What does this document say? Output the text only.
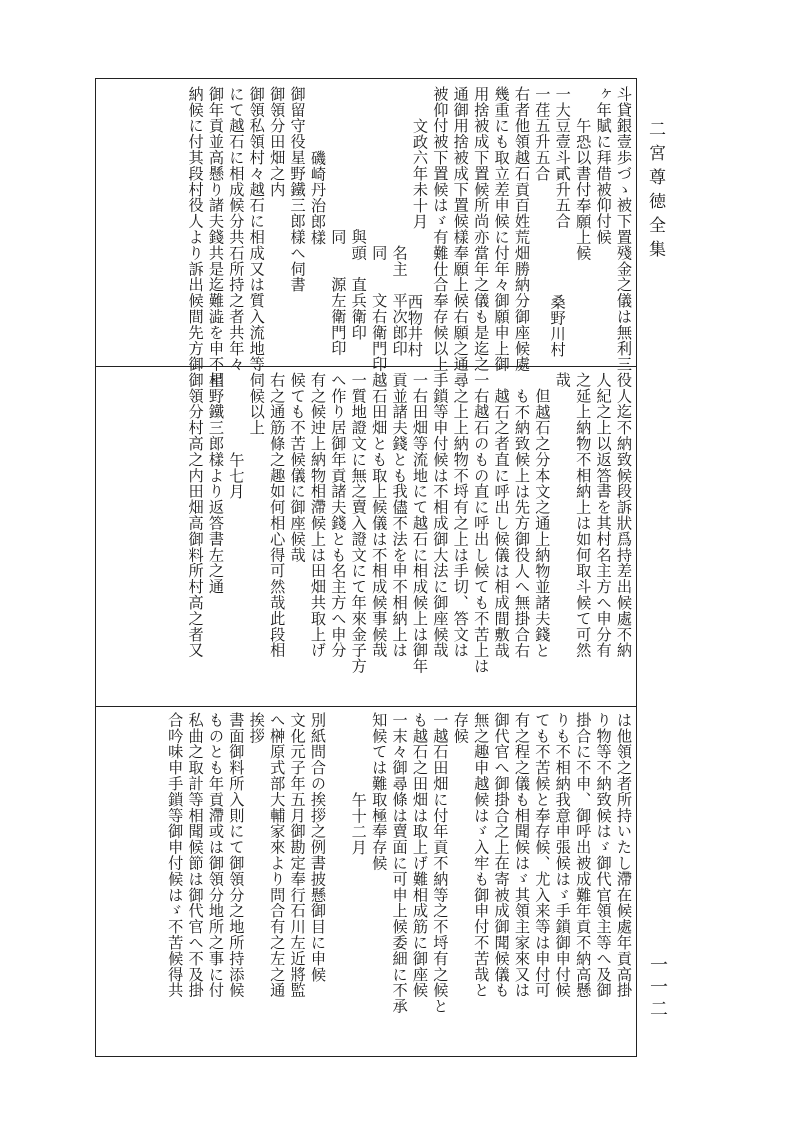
二宮尊徳全集
一一二
斗貸銀壹歩づゝ被下置殘金之儀は無利三
ヶ年賦に拜借被仰付候
午恐以書付奉願上候
一大豆壹斗貳升五合
桑野川村
一荏五升五合
右者他領越石貢百姓荒畑勝納分御座候處
幾重にも取立差申候に付年々御願申上御
用捨被成下置候所尚亦當年之儀も是迄之
通御用捨被成下置候樣奉願上候右願之通
被仰付被下置候はゞ有難仕合奉存候以上
文政六年未十月
西物井村
名主　平次郎印
同　　文右衛門印
與頭　直兵衛印
同　　源左衛門印
磯崎丹治郎樣
御留守役星野鐵三郎樣へ伺書
御領分田畑之内
御領私領村々越石に相成又は質入流地等
にて越石に相成候分共石所持之者共年々
御年貢並高懸り諸夫錢共是迄難澁を申不相
納候に付其段村役人より訴出候間先方御
役人迄不納致候段訴狀爲持差出候處不納
人紀之上以返答書を其村名主方へ申分有
之延上納物不相納上は如何取斗候て可然
哉
但越石之分本文之通上納物並諸夫錢と
も不納致候上は先方御役人へ無掛合右
越石之者直に呼出し候儀は相成間敷哉
一右越石のもの直に呼出し候ても不苦上は
尋之上上納物不埒有之上は手切、答文は
手鎖等申付候は不相成御大法に御座候哉
一右田畑等流地にて越石に相成候上は御年
貢並諸夫錢とも我儘不法を申不相納上は
越石田畑とも取上候儀は不相成候事候哉
一質地證文に無之賣入證文にて年來金子方
へ作り居御年貢諸夫錢とも名主方へ申分
有之候迚上納物相滯候上は田畑共取上げ
候ても不苦候儀に御座候哉
右之通筋條之趣如何相心得可然哉此段相
伺候以上
午七月
星野鐵三郎樣より返答書左之通
御領分村高之内田畑高御料所村高之者又
は他領之者所持いたし滯在候處年貢高掛
り物等不納致候はゞ御代官領主等へ及御
掛合に不申、御呼出被成難年貢不納高懸
りも不相納我意申張候はゞ手鎖御申付候
ても不苦候と奉存候、尤入来等は申付可
有之程之儀も相聞候はゞ其領主家來又は
御代官へ御掛合之上在寄被成御聞候儀も
無之趣申越候はゞ入牢も御申付不苦哉と
存候
一越石田畑に付年貢不納等之不埒有之候と
も越石之田畑は取上げ難相成筋に御座候
一末々御尋條は賣面に可申上候委細に不承
知候ては難取極奉存候
午十二月
別紙問合の挨拶之例書披懸御目に申候
文化元子年五月御勘定奉行石川左近將監
へ榊原式部大輔家來より問合有之左之通
挨拶
書面御料所入則にて御領分之地所持添候
ものとも年貢滯或は御領分地所之事に付
私曲之取計等相聞候節は御代官へ不及掛
合吟味申手鎖等御申付候はゞ不苦候得共
